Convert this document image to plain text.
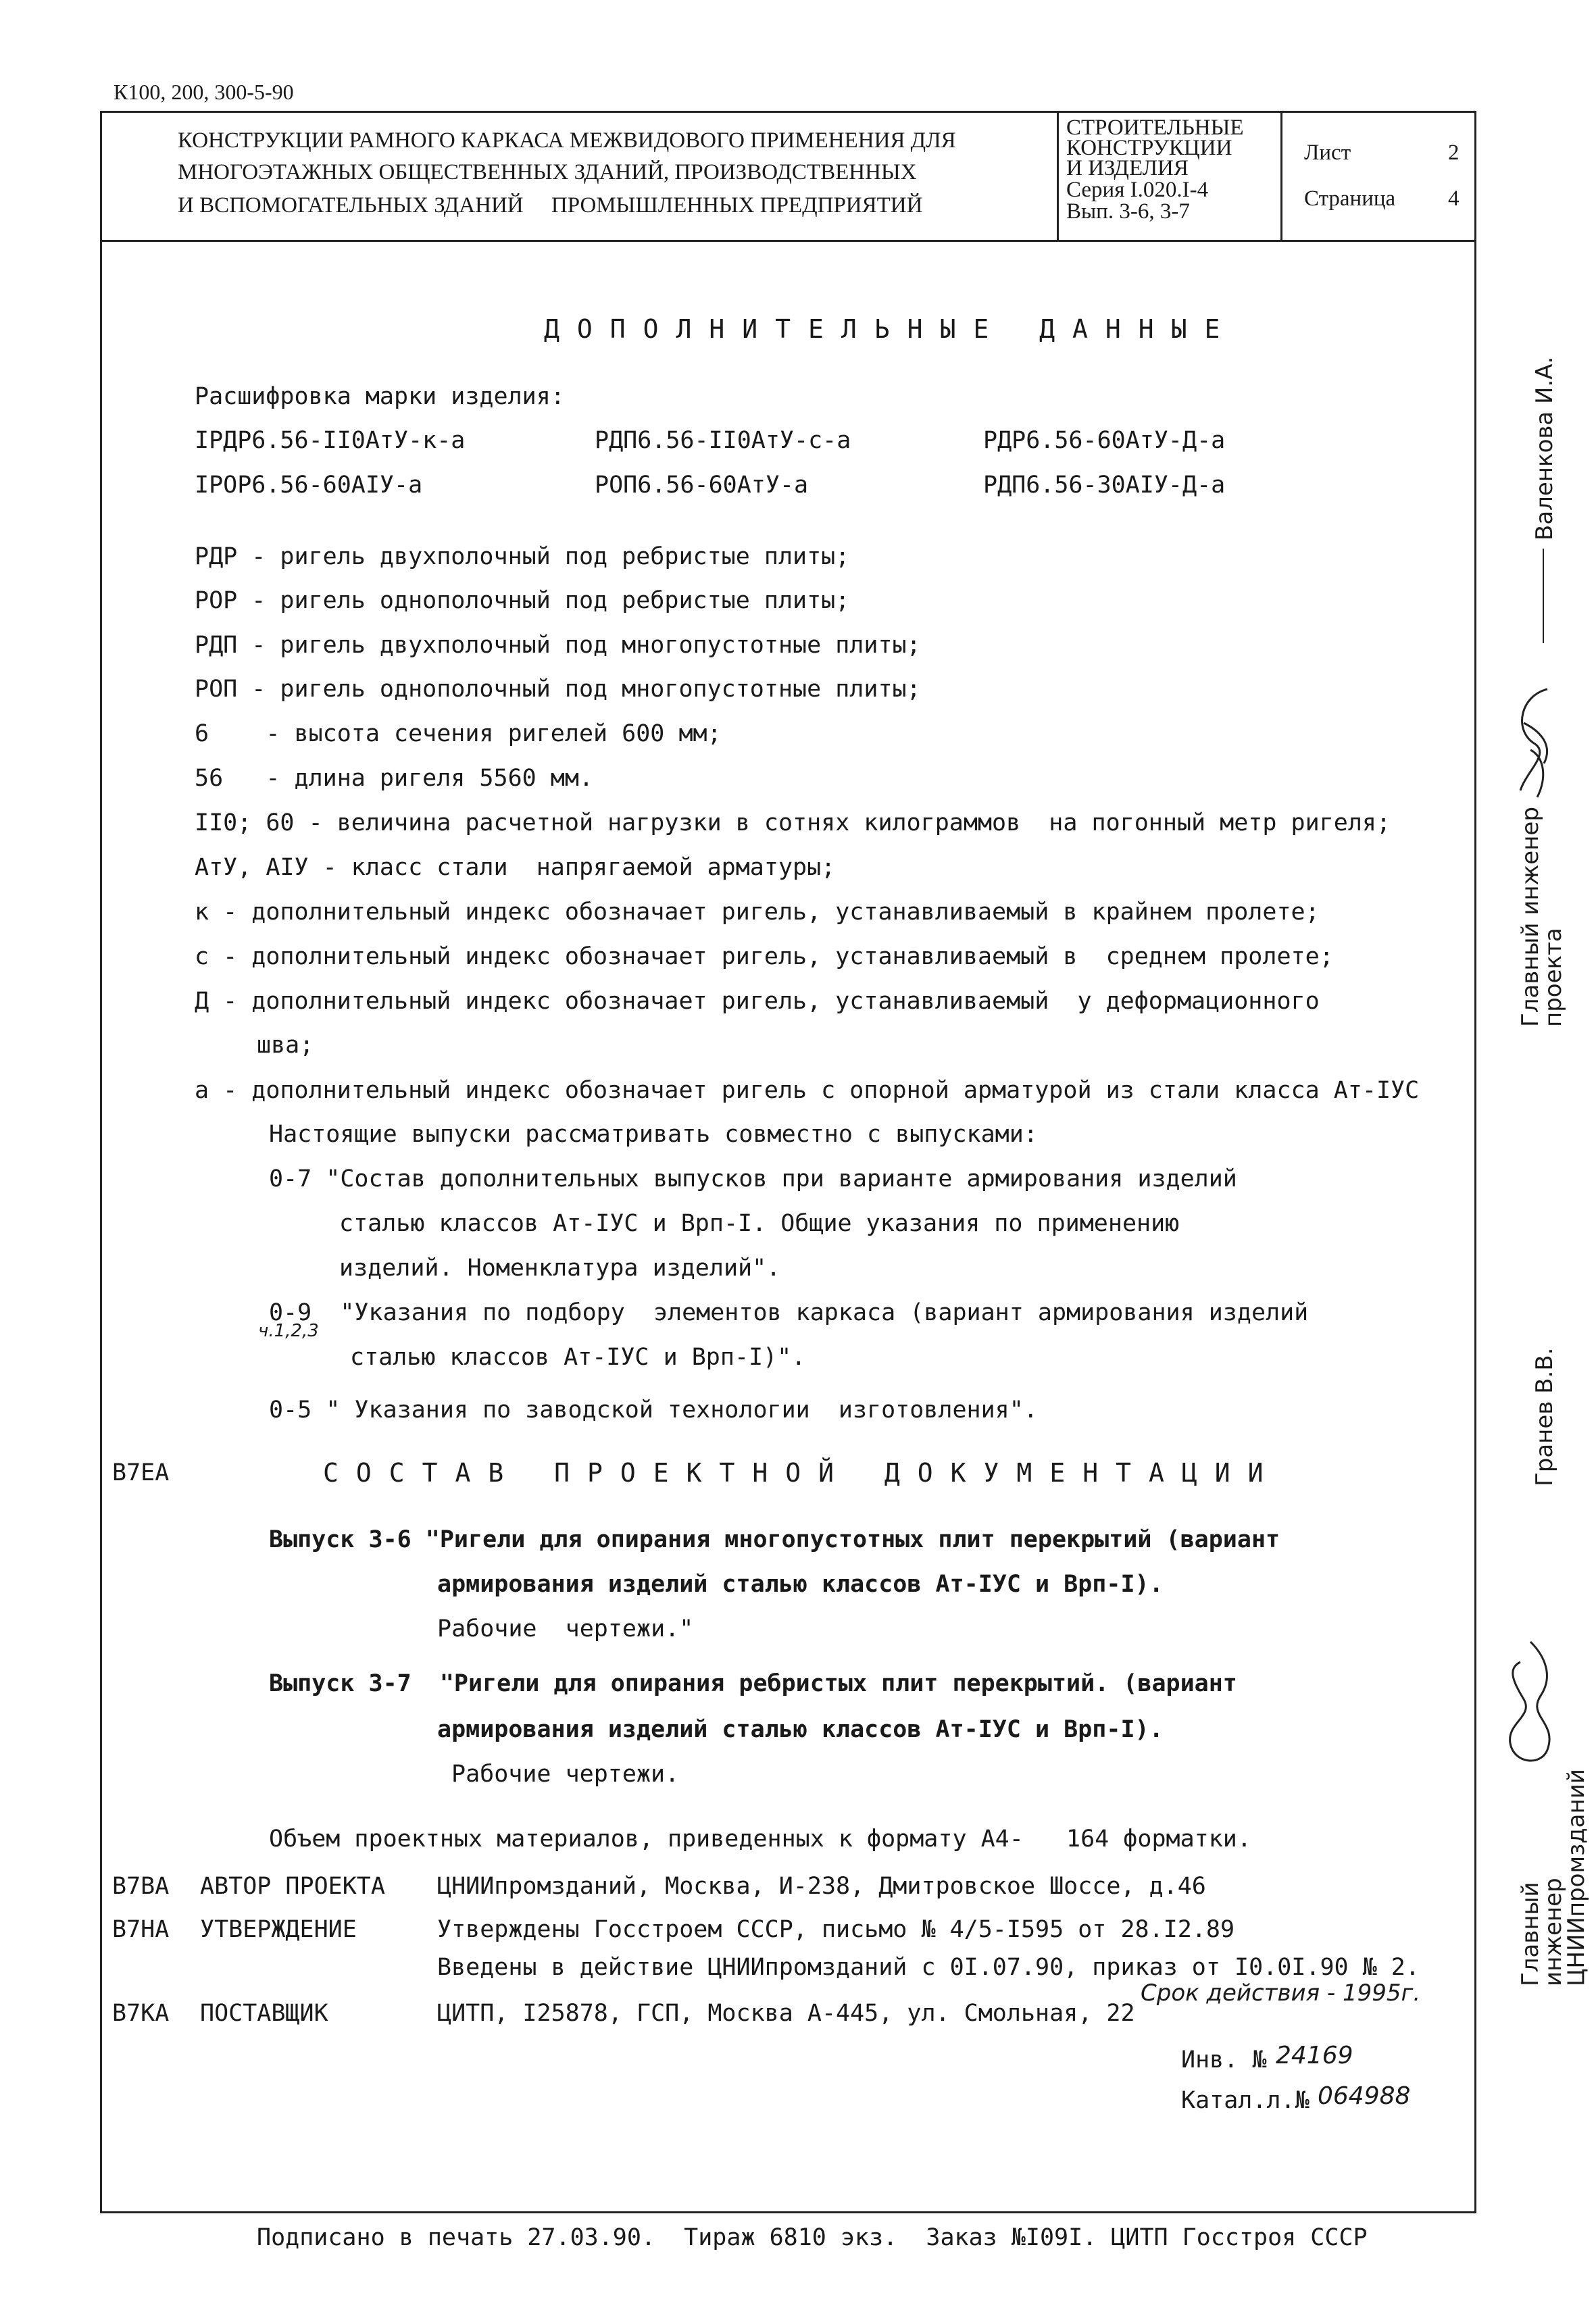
К100, 200, 300-5-90
КОНСТРУКЦИИ РАМНОГО КАРКАСА МЕЖВИДОВОГО ПРИМЕНЕНИЯ ДЛЯ
МНОГОЭТАЖНЫХ ОБЩЕСТВЕННЫХ ЗДАНИЙ, ПРОИЗВОДСТВЕННЫХ
И ВСПОМОГАТЕЛЬНЫХ ЗДАНИЙ     ПРОМЫШЛЕННЫХ ПРЕДПРИЯТИЙ
СТРОИТЕЛЬНЫЕ
КОНСТРУКЦИИ
И ИЗДЕЛИЯ
Серия I.020.I-4
Вып. 3-6, 3-7
Лист	2
Страница 4
ДОПОЛНИТЕЛЬНЫЕ ДАННЫЕ
Расшифровка марки изделия:
IРДР6.56-II0АтУ-к-а	РДП6.56-II0АтУ-с-а	РДР6.56-60АтУ-Д-а
IРОР6.56-60АIУ-а	РОП6.56-60АтУ-а	РДП6.56-30АIУ-Д-а
РДР - ригель двухполочный под ребристые плиты;
РОР - ригель однополочный под ребристые плиты;
РДП - ригель двухполочный под многопустотные плиты;
РОП - ригель однополочный под многопустотные плиты;
6    - высота сечения ригелей 600 мм;
56   - длина ригеля 5560 мм.
II0; 60 - величина расчетной нагрузки в сотнях килограммов  на погонный метр ригеля;
АтУ, АIУ - класс стали  напрягаемой арматуры;
к - дополнительный индекс обозначает ригель, устанавливаемый в крайнем пролете;
с - дополнительный индекс обозначает ригель, устанавливаемый в  среднем пролете;
Д - дополнительный индекс обозначает ригель, устанавливаемый  у деформационного
шва;
а - дополнительный индекс обозначает ригель с опорной арматурой из стали класса Ат-IУС
Настоящие выпуски рассматривать совместно с выпусками:
0-7 "Состав дополнительных выпусков при варианте армирования изделий
сталью классов Ат-IУС и Врп-I. Общие указания по применению
изделий. Номенклатура изделий".
0-9  "Указания по подбору  элементов каркаса (вариант армирования изделий
ч.1,2,3
сталью классов Ат-IУС и Врп-I)".
0-5 " Указания по заводской технологии  изготовления".
В7ЕА	СОСТАВ ПРОЕКТНОЙ ДОКУМЕНТАЦИИ
Выпуск 3-6 "Ригели для опирания многопустотных плит перекрытий (вариант
армирования изделий сталью классов Ат-IУС и Врп-I).
Рабочие  чертежи."
Выпуск 3-7  "Ригели для опирания ребристых плит перекрытий. (вариант
армирования изделий сталью классов Ат-IУС и Врп-I).
Рабочие чертежи.
Объем проектных материалов, приведенных к формату А4-   164 форматки.
В7ВА АВТОР ПРОЕКТА ЦНИИпромзданий, Москва, И-238, Дмитровское Шоссе, д.46
В7НА УТВЕРЖДЕНИЕ	Утверждены Госстроем СССР, письмо № 4/5-I595 от 28.I2.89
Введены в действие ЦНИИпромзданий с 0I.07.90, приказ от I0.0I.90 № 2.
Срок действия - 1995г.
В7КА ПОСТАВЩИК	ЦИТП, I25878, ГСП, Москва А-445, ул. Смольная, 22
Инв. № 24169
Катал.л.№ 064988
Валенкова И.А.
Главный инженер проекта
Гранев В.В.
Главный инженер ЦНИИпромзданий
Подписано в печать 27.03.90.  Тираж 6810 экз.  Заказ №I09I. ЦИТП Госстроя СССР
